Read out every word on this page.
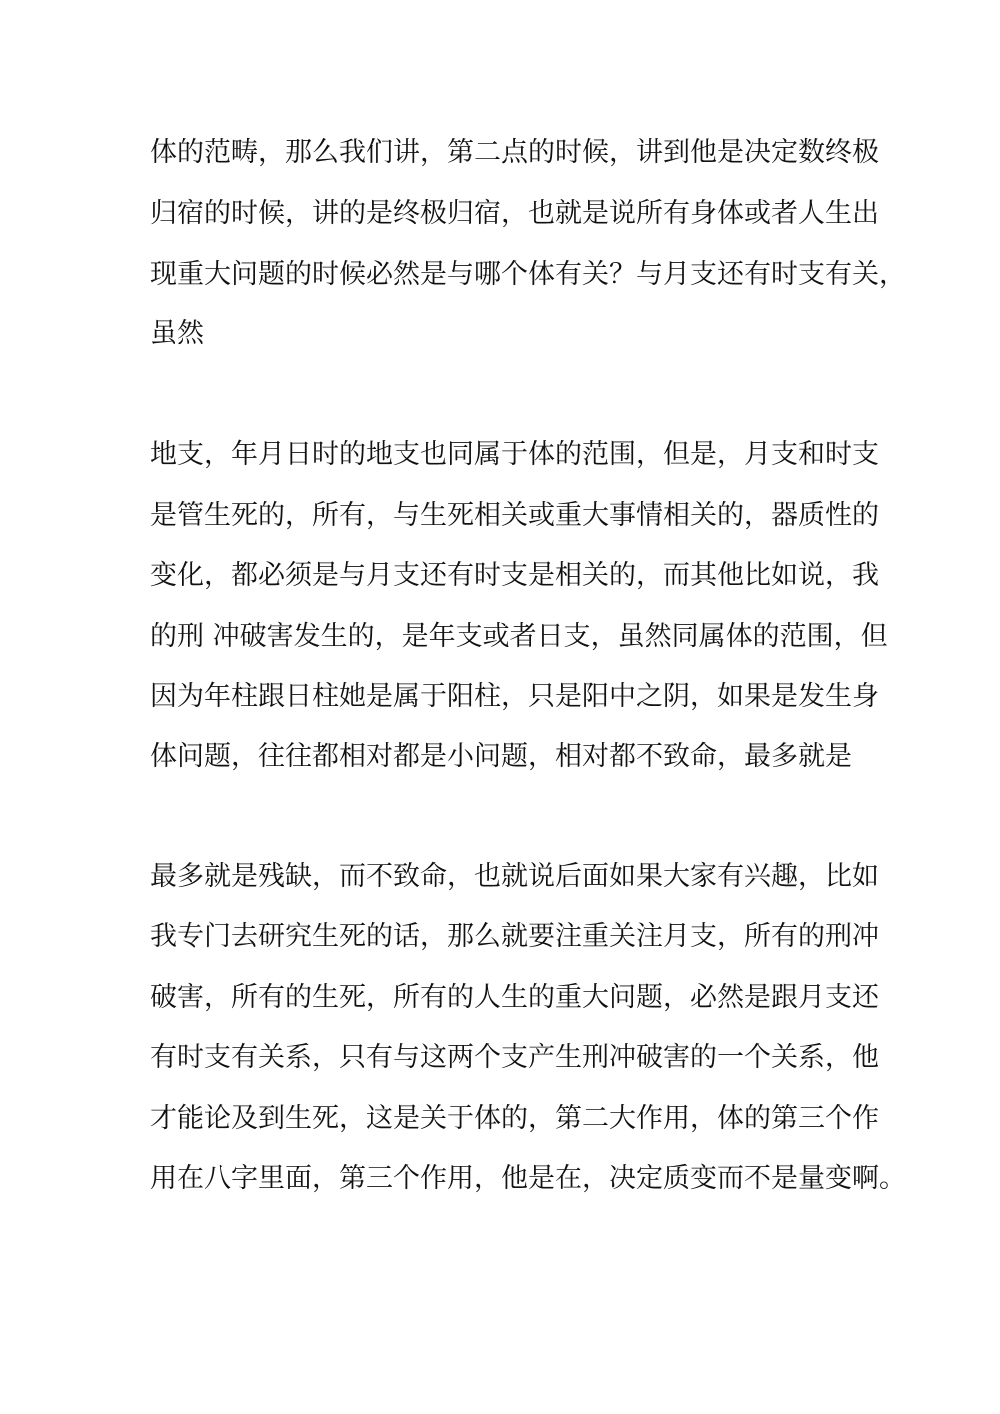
体的范畴，那么我们讲，第二点的时候，讲到他是决定数终极
归宿的时候，讲的是终极归宿，也就是说所有身体或者人生出
现重大问题的时候必然是与哪个体有关？与月支还有时支有关，
虽然
地支，年月日时的地支也同属于体的范围，但是，月支和时支
是管生死的，所有，与生死相关或重大事情相关的，器质性的
变化，都必须是与月支还有时支是相关的，而其他比如说，我
的刑 冲破害发生的，是年支或者日支，虽然同属体的范围，但
因为年柱跟日柱她是属于阳柱，只是阳中之阴，如果是发生身
体问题，往往都相对都是小问题，相对都不致命，最多就是
最多就是残缺，而不致命，也就说后面如果大家有兴趣，比如
我专门去研究生死的话，那么就要注重关注月支，所有的刑冲
破害，所有的生死，所有的人生的重大问题，必然是跟月支还
有时支有关系，只有与这两个支产生刑冲破害的一个关系，他
才能论及到生死，这是关于体的，第二大作用，体的第三个作
用在八字里面，第三个作用，他是在，决定质变而不是量变啊。
